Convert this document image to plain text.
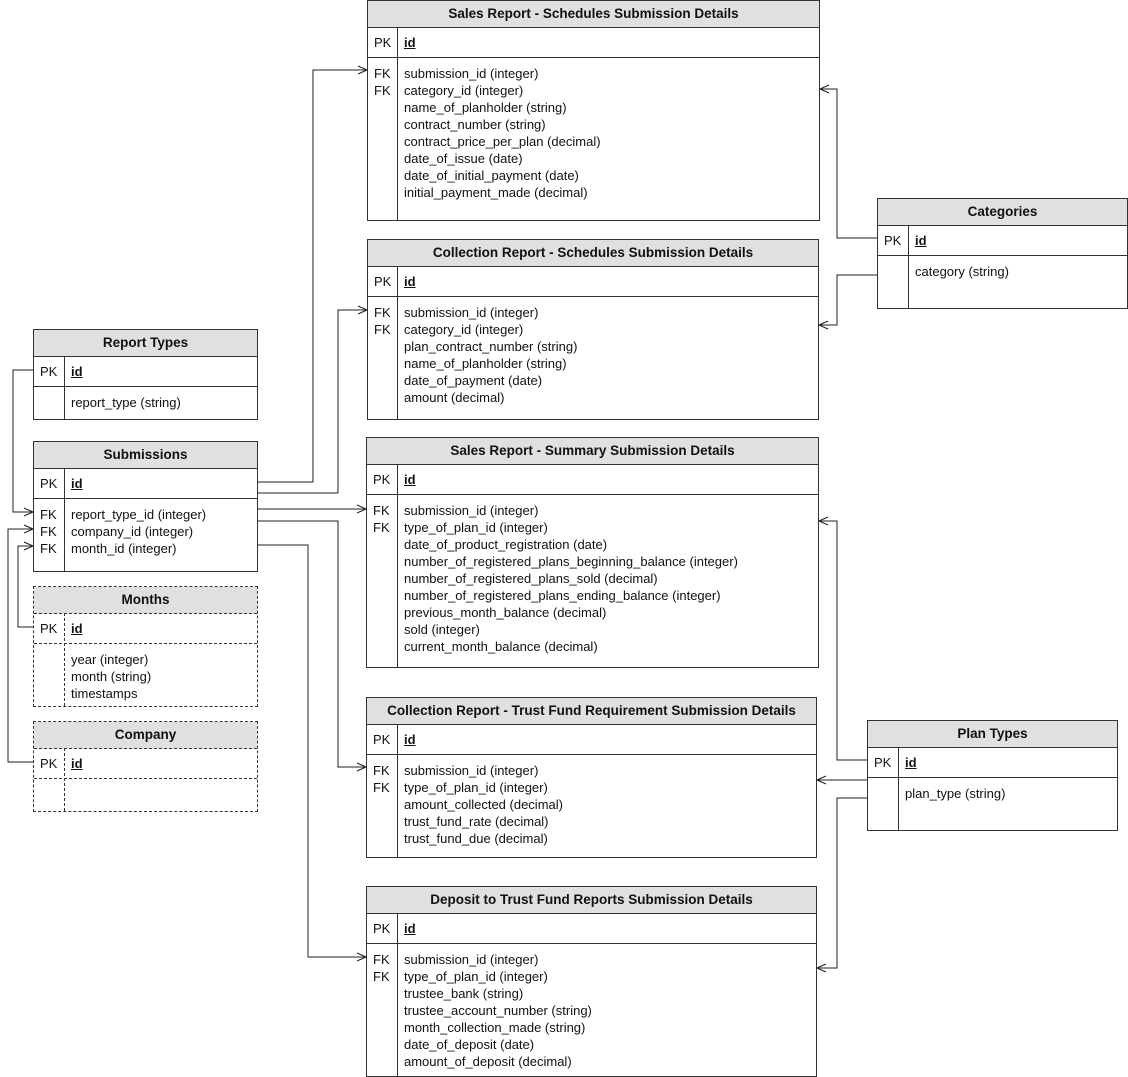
Sales Report - Schedules Submission Details
PK id
FK
FK
submission_id (integer)
category_id (integer)
name_of_planholder (string)
contract_number (string)
contract_price_per_plan (decimal)
date_of_issue (date)
date_of_initial_payment (date)
initial_payment_made (decimal)
Collection Report - Schedules Submission Details
PK id
FK
FK
submission_id (integer)
category_id (integer)
plan_contract_number (string)
name_of_planholder (string)
date_of_payment (date)
amount (decimal)
Sales Report - Summary Submission Details
PK id
FK
FK
submission_id (integer)
type_of_plan_id (integer)
date_of_product_registration (date)
number_of_registered_plans_beginning_balance (integer)
number_of_registered_plans_sold (decimal)
number_of_registered_plans_ending_balance (integer)
previous_month_balance (decimal)
sold (integer)
current_month_balance (decimal)
Collection Report - Trust Fund Requirement Submission Details
PK id
FK
FK
submission_id (integer)
type_of_plan_id (integer)
amount_collected (decimal)
trust_fund_rate (decimal)
trust_fund_due (decimal)
Deposit to Trust Fund Reports Submission Details
PK id
FK
FK
submission_id (integer)
type_of_plan_id (integer)
trustee_bank (string)
trustee_account_number (string)
month_collection_made (string)
date_of_deposit (date)
amount_of_deposit (decimal)
Categories
PK id
category (string)
Plan Types
PK id
plan_type (string)
Report Types
PK id
report_type (string)
Submissions
PK id
FK
FK
FK
report_type_id (integer)
company_id (integer)
month_id (integer)
Months
PK id
year (integer)
month (string)
timestamps
Company
PK id
